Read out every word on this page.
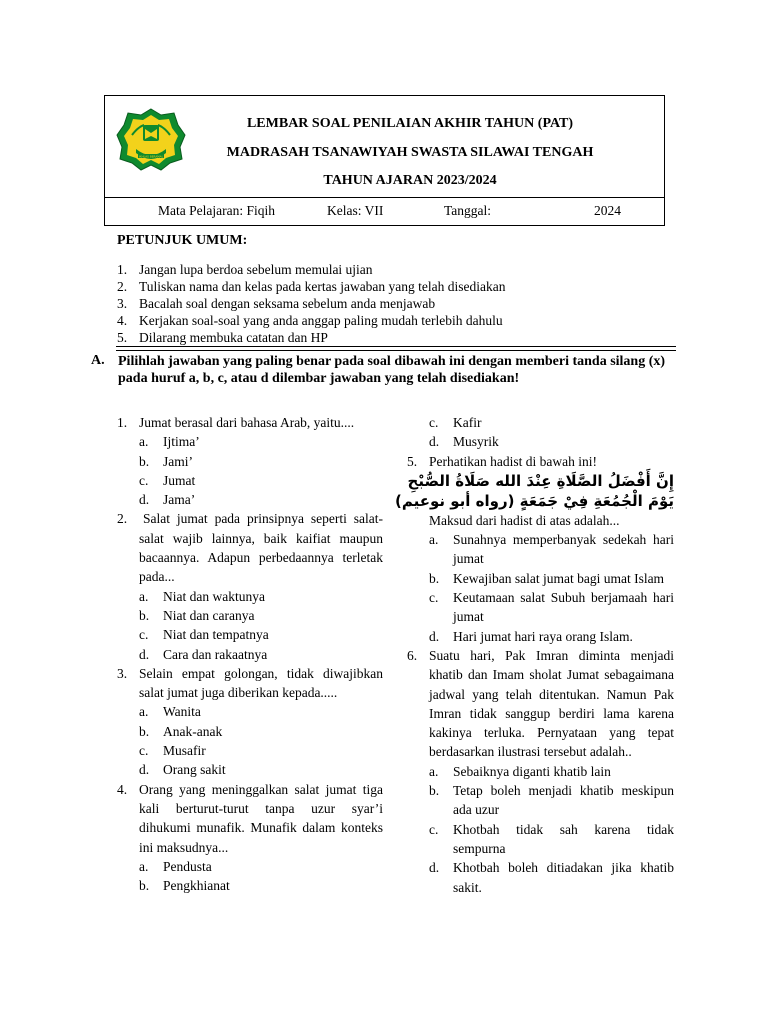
IKHLAS BERAMAL
LEMBAR SOAL PENILAIAN AKHIR TAHUN (PAT)
MADRASAH TSANAWIYAH SWASTA SILAWAI TENGAH
TAHUN AJARAN 2023/2024
Mata Pelajaran: Fiqih	Kelas: VII	Tanggal:	2024
PETUNJUK UMUM:
1. Jangan lupa berdoa sebelum memulai ujian
2. Tuliskan nama dan kelas pada kertas jawaban yang telah disediakan
3. Bacalah soal dengan seksama sebelum anda menjawab
4. Kerjakan soal-soal yang anda anggap paling mudah terlebih dahulu
5. Dilarang membuka catatan dan HP
A. Pilihlah jawaban yang paling benar pada soal dibawah ini dengan memberi tanda silang (x) pada huruf a, b, c, atau d dilembar jawaban yang telah disediakan!
1. Jumat berasal dari bahasa Arab, yaitu....
a. Ijtima’
b. Jami’
c. Jumat
d. Jama’
2. Salat jumat pada prinsipnya seperti salat-salat wajib lainnya, baik kaifiat maupun bacaannya. Adapun perbedaannya terletak pada...
a. Niat dan waktunya
b. Niat dan caranya
c. Niat dan tempatnya
d. Cara dan rakaatnya
3. Selain empat golongan, tidak diwajibkan salat jumat juga diberikan kepada.....
a. Wanita
b. Anak-anak
c. Musafir
d. Orang sakit
4. Orang yang meninggalkan salat jumat tiga kali berturut-turut tanpa uzur syar’i dihukumi munafik. Munafik dalam konteks ini maksudnya...
a. Pendusta
b. Pengkhianat
c. Kafir
d. Musyrik
5. Perhatikan hadist di bawah ini!
إِنَّ أَفْضَلُ الصَّلَاةِ عِنْدَ الله صَلَاةُ الصُّبْحِ
يَوْمَ الْجُمُعَةِ فِيْ جَمَعَةٍ (رواه أبو نوعيم)
Maksud dari hadist di atas adalah...
a. Sunahnya memperbanyak sedekah hari jumat
b. Kewajiban salat jumat bagi umat Islam
c. Keutamaan salat Subuh berjamaah hari jumat
d. Hari jumat hari raya orang Islam.
6. Suatu hari, Pak Imran diminta menjadi khatib dan Imam sholat Jumat sebagaimana jadwal yang telah ditentukan. Namun Pak Imran tidak sanggup berdiri lama karena kakinya terluka. Pernyataan yang tepat berdasarkan ilustrasi tersebut adalah..
a. Sebaiknya diganti khatib lain
b. Tetap boleh menjadi khatib meskipun ada uzur
c. Khotbah tidak sah karena tidak sempurna
d. Khotbah boleh ditiadakan jika khatib sakit.
